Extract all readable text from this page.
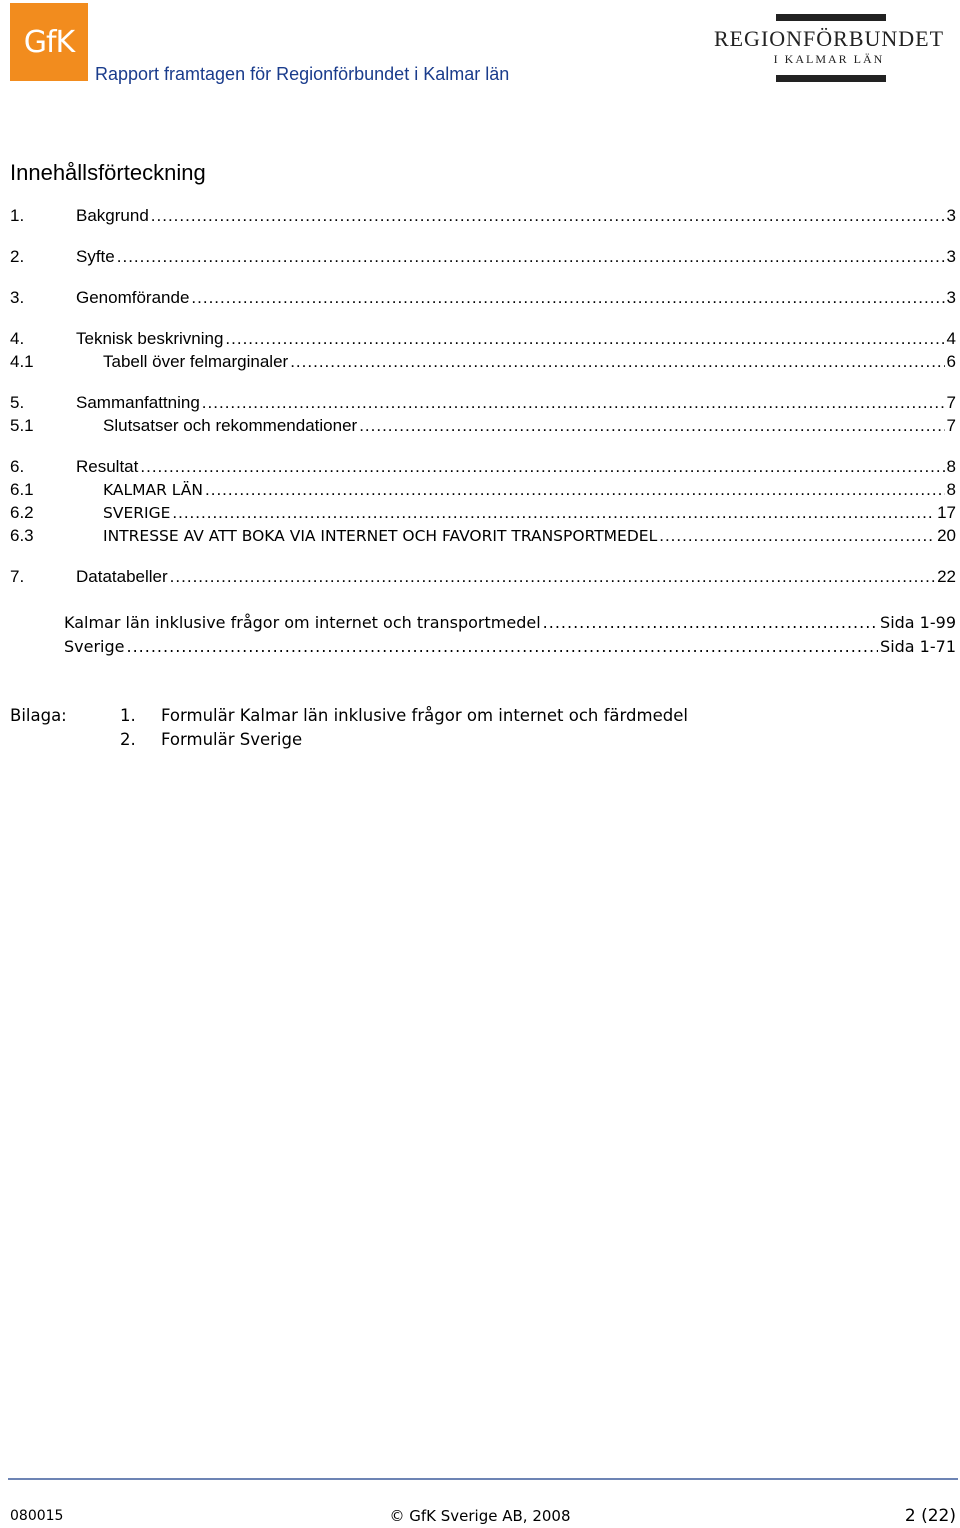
GfK
Rapport framtagen för Regionförbundet i Kalmar län
REGIONFÖRBUNDET
I KALMAR LÄN
Innehållsförteckning
1.	Bakgrund .....	3
2.	Syfte .....	3
3.	Genomförande .....	3
4.	Teknisk beskrivning .....	4
4.1	Tabell över felmarginaler .....	6
5.	Sammanfattning .....	7
5.1	Slutsatser och rekommendationer .....	7
6.	Resultat .....	8
6.1	KALMAR LÄN .....	8
6.2	SVERIGE .....	17
6.3	INTRESSE AV ATT BOKA VIA INTERNET OCH FAVORIT TRANSPORTMEDEL .....	20
7.	Datatabeller .....	22
Kalmar län inklusive frågor om internet och transportmedel .....	Sida 1-99
Sverige .....	Sida 1-71
Bilaga:	1. Formulär Kalmar län inklusive frågor om internet och färdmedel
2. Formulär Sverige
080015	© GfK Sverige AB, 2008	2 (22)
